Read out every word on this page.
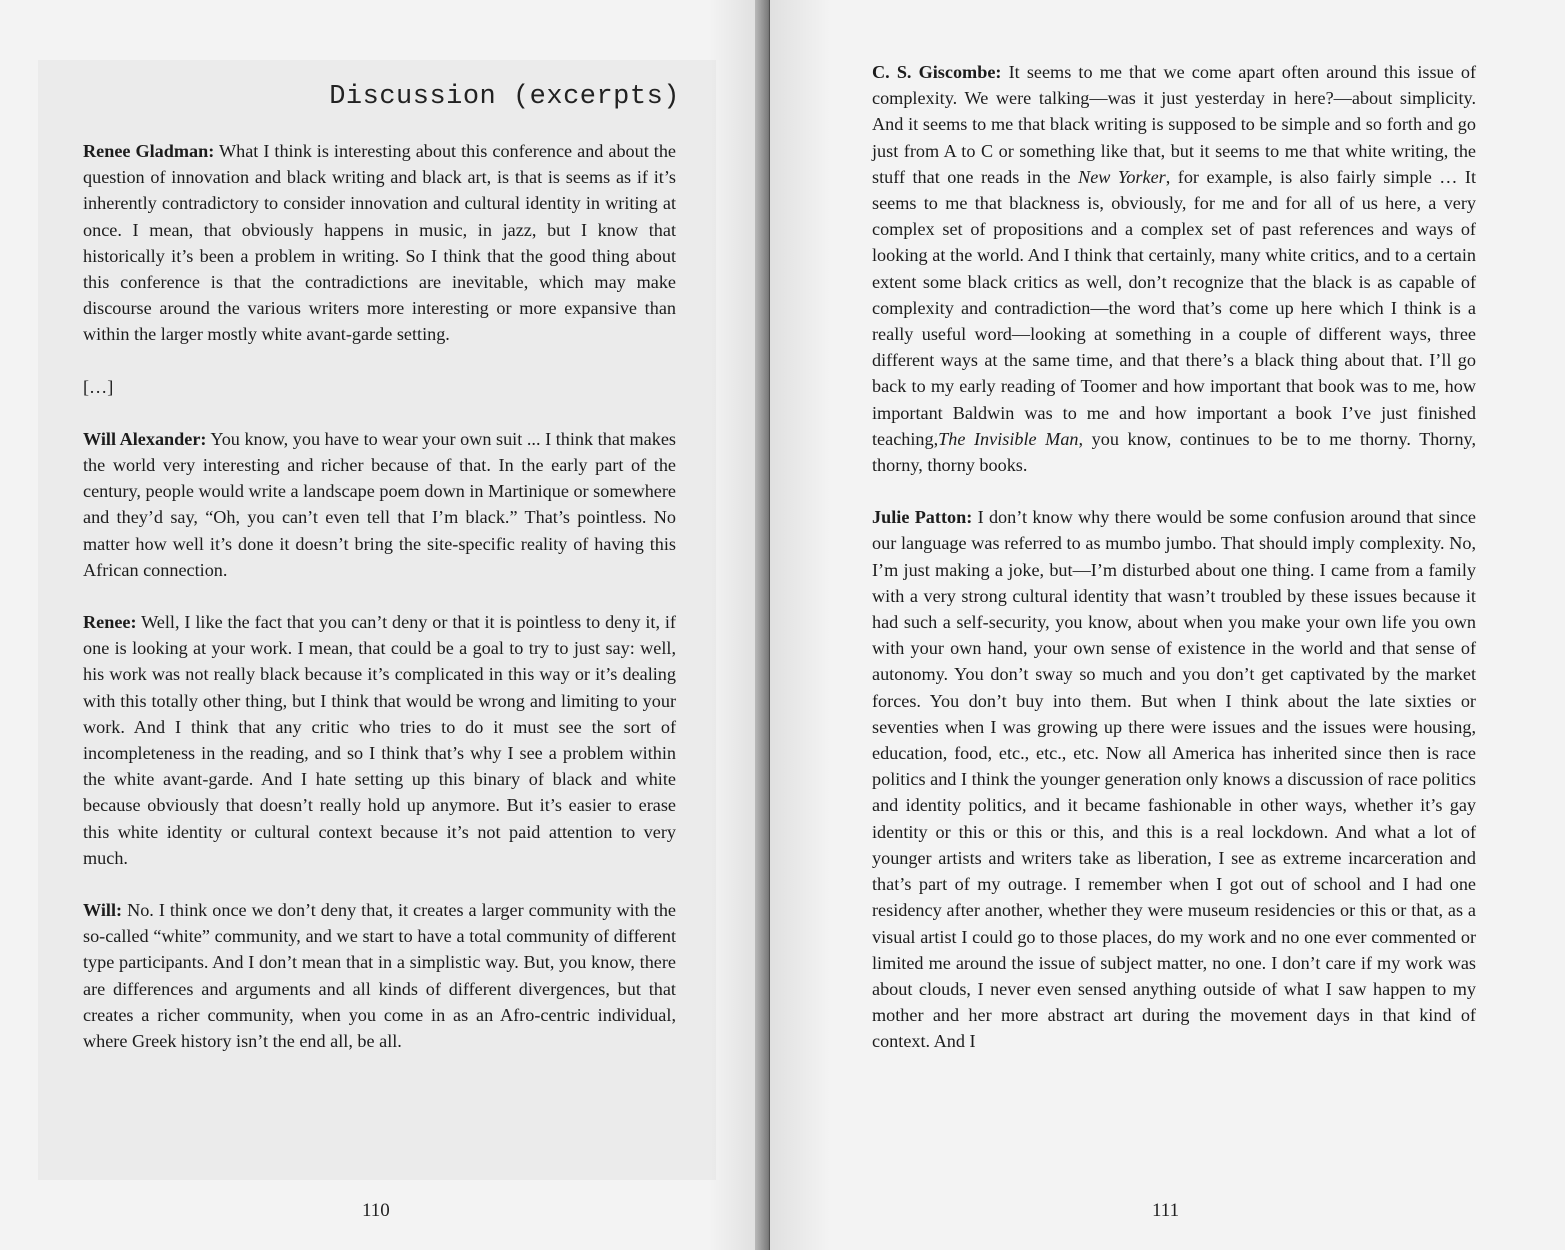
Discussion (excerpts)

Renee Gladman: What I think is interesting about this conference and about the question of innovation and black writing and black art, is that is seems as if it’s inherently contradictory to consider innovation and cultural identity in writing at once. I mean, that obviously happens in music, in jazz, but I know that historically it’s been a problem in writing. So I think that the good thing about this conference is that the contradictions are inevitable, which may make discourse around the various writers more interesting or more expansive than within the larger mostly white avant-garde setting.

[…]

Will Alexander: You know, you have to wear your own suit ... I think that makes the world very interesting and richer because of that. In the early part of the century, people would write a landscape poem down in Martinique or somewhere and they’d say, “Oh, you can’t even tell that I’m black.” That’s pointless. No matter how well it’s done it doesn’t bring the site-specific reality of having this African connection.

Renee: Well, I like the fact that you can’t deny or that it is pointless to deny it, if one is looking at your work. I mean, that could be a goal to try to just say: well, his work was not really black because it’s complicated in this way or it’s dealing with this totally other thing, but I think that would be wrong and limiting to your work. And I think that any critic who tries to do it must see the sort of incompleteness in the reading, and so I think that’s why I see a problem within the white avant-garde. And I hate setting up this binary of black and white because obviously that doesn’t really hold up anymore. But it’s easier to erase this white identity or cultural context because it’s not paid attention to very much.

Will: No. I think once we don’t deny that, it creates a larger community with the so-called “white” community, and we start to have a total community of different type participants. And I don’t mean that in a simplistic way. But, you know, there are differences and arguments and all kinds of different divergences, but that creates a richer community, when you come in as an Afro-centric individual, where Greek history isn’t the end all, be all.

110

C. S. Giscombe: It seems to me that we come apart often around this issue of complexity. We were talking—was it just yesterday in here?—about simplicity. And it seems to me that black writing is supposed to be simple and so forth and go just from A to C or something like that, but it seems to me that white writing, the stuff that one reads in the New Yorker, for example, is also fairly simple … It seems to me that blackness is, obviously, for me and for all of us here, a very complex set of propositions and a complex set of past references and ways of looking at the world. And I think that certainly, many white critics, and to a certain extent some black critics as well, don’t recognize that the black is as capable of complexity and contradiction—the word that’s come up here which I think is a really useful word—looking at something in a couple of different ways, three different ways at the same time, and that there’s a black thing about that. I’ll go back to my early reading of Toomer and how important that book was to me, how important Baldwin was to me and how important a book I’ve just finished teaching,The Invisible Man, you know, continues to be to me thorny. Thorny, thorny, thorny books.

Julie Patton: I don’t know why there would be some confusion around that since our language was referred to as mumbo jumbo. That should imply complexity. No, I’m just making a joke, but—I’m disturbed about one thing. I came from a family with a very strong cultural identity that wasn’t troubled by these issues because it had such a self-security, you know, about when you make your own life you own with your own hand, your own sense of existence in the world and that sense of autonomy. You don’t sway so much and you don’t get captivated by the market forces. You don’t buy into them. But when I think about the late sixties or seventies when I was growing up there were issues and the issues were housing, education, food, etc., etc., etc. Now all America has inherited since then is race politics and I think the younger generation only knows a discussion of race politics and identity politics, and it became fashionable in other ways, whether it’s gay identity or this or this or this, and this is a real lockdown. And what a lot of younger artists and writers take as liberation, I see as extreme incarceration and that’s part of my outrage. I remember when I got out of school and I had one residency after another, whether they were museum residencies or this or that, as a visual artist I could go to those places, do my work and no one ever commented or limited me around the issue of subject matter, no one. I don’t care if my work was about clouds, I never even sensed anything outside of what I saw happen to my mother and her more abstract art during the movement days in that kind of context. And I

111
